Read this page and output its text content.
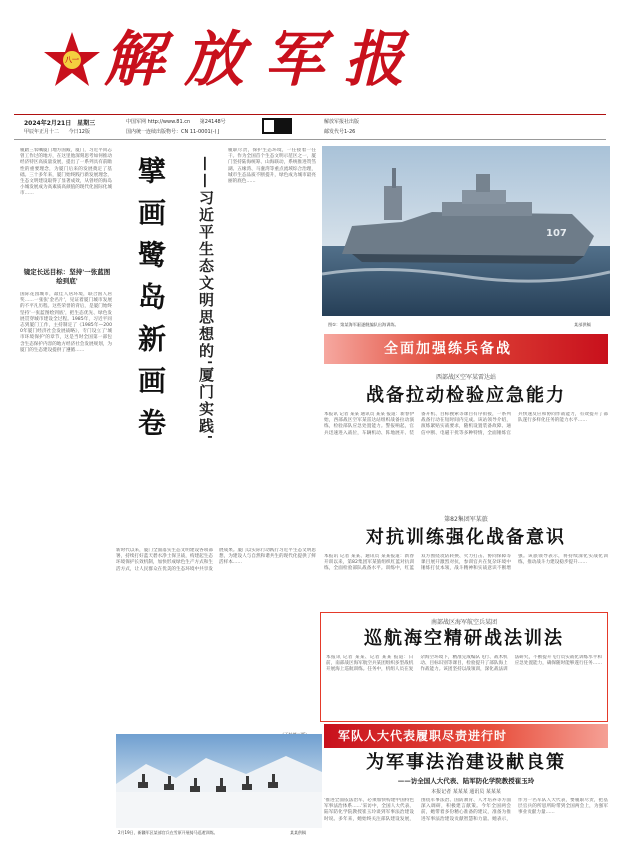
八一 解放军报
2024年2月21日 星期三
甲辰年正月十二 今日12版
中国军网 http://www.81.cn 第24148号
国内统一连续出版物号：CN 11-0001(-) J
解放军报社出版
邮发代号1-26
履踏三农嘱厦门地方国殿，厦门，习近平同志曾工作过的地方，在这里他深刻思考如何推动经济特区高质量发展，提出了一系列具有前瞻性的重要理念，为厦门后来的发展奠定了基础。三十多年来，厦门始终践行新发展理念，生态文明建设取得了显著成效，从曾经的海岛小城发展成为高素质高颜值的现代化国际化城市……
镜定长远目标：坚持'一张蓝图绘到底'
国际花园城市，最佳人居环境，联合国人居奖……一张张'金名片'，见证着厦门城市发展的不平凡历程。这些荣誉的背后，是厦门始终坚持'一张蓝图绘到底'，把生态优先、绿色发展贯穿城市建设全过程。1985年，习近平同志到厦门工作，主持制定了《1985年—2000年厦门经济社会发展战略》，专门设立了'城市环境保护'的章节，这是当时全国第一部包含生态保护内容的地方经济社会发展规划，为厦门的生态建设提供了遵循……	擘画鹭岛新画卷 ——习近平生态文明思想的'厦门实践'
履职尽责，保护生态环境，一任接着一任干。作为全国首个生态文明示范区之一，厦门坚持陆海统筹、山海联动，系统推进筼筜湖、五缘湾、马銮湾等重点流域综合治理，城市生态品质不断提升，绿色成为城市最亮丽的底色……
新时代以来，厦门全面落实生态文明建设各项部署，持续打好蓝天碧水净土保卫战，构建起生态环境保护长效机制，加快形成绿色生产方式和生活方式，让人民群众在优美的生态环境中共享发展成果。厦门以实际行动践行习近平生态文明思想，为建设人与自然和谐共生的现代化提供了鲜活样本……
107
图①：第某海军驱逐舰编队出海训练。	某部供稿
全面加强练兵备战
西部战区空军某雷达站
战备拉动检验应急能力
本报讯 记者 某某 通讯员 某某 报道：新春伊始，西部战区空军某雷达站组织战备拉动演练，检验部队应急处置能力。警报响起，官兵迅速进入战位，车辆机动、阵地展开、装备开机、目标搜索等课目有序衔接，一系列战备行动在短时间内完成。该站领导介绍，演练紧贴实战要求，随机设置装备故障、通信中断、电磁干扰等多种特情，全面锤炼官兵快速反应和协同作战能力，有效提升了部队遂行多样化任务的能力水平……
第82集团军某旅
对抗训练强化战备意识
本报讯 记者 某某、通讯员 某某报道：新春开训以来，第82集团军某旅组织红蓝对抗训练，全面检验部队战备水平。训练中，红蓝双方围绕攻防转换、火力打击、协同保障等课目展开激烈对抗，参训官兵在复杂环境中锤炼打仗本领，战斗精神和实战意识不断增强。该旅领导表示，将持续深化实战化训练，推动战斗力建设稳步提升……
南部战区海军航空兵某团
巡航海空精研战法训法
本报讯 记者 某某、记者 某某 报道：日前，南部战区海军航空兵某团组织多型战机开展海上巡航训练。任务中，机组人员在复杂海空环境下，精准完成编队飞行、战术机动、目标识别等课目，检验提升了部队海上作战能力。该团坚持以战领训，深化战法训法研究，不断提升飞行员实战化训练水平和应急处置能力，确保随时能够遂行任务……
2月19日，新疆军区某部官兵在雪原开展骑马巡逻训练。	某某供稿
军队人大代表履职尽责进行时
为军事法治建设献良策
——访全国人大代表、陆军防化学院教授崔玉玲
本报记者 某某某 通讯员 某某某
'推进全面依法治军，必须加快构建中国特色军事法治体系……'采访中，全国人大代表、陆军防化学院教授崔玉玲谈到军事法治建设时说。多年来，她始终关注部队建设发展，围绕军事法治、国防教育、人才培养等方面深入调研，积极建言献策。今年全国两会前，她带着多份精心准备的建议，准备为推进军事法治建设贡献智慧和力量。她表示，作为一名军队人大代表，要履职尽责，把基层官兵的所思所盼带到全国两会上，为强军事业贡献力量……
